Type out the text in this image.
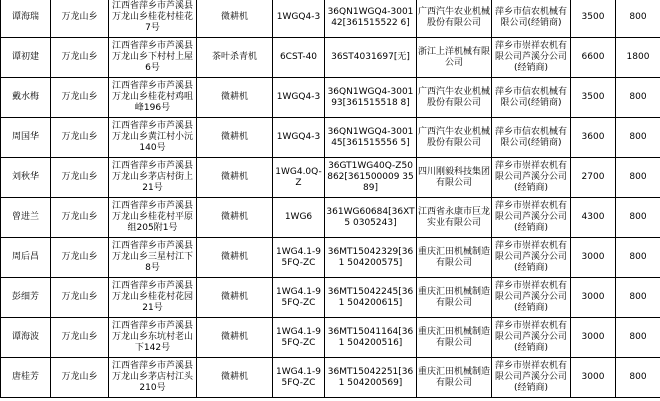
谭海瑞	万龙山乡	江西省萍乡市芦溪县万龙山乡桂花村桂花7号	微耕机	1WGQ4-3	36QN1WGQ4-300142[361515522 6]	广西汽牛农业机械股份有限公司	萍乡市信农机械有限公司(经销商)	3500	800
谭初建	万龙山乡	江西省萍乡市芦溪县万龙山乡下村村上屋6号	茶叶杀青机	6CST-40	36ST4031697[无]	浙江上洋机械有限公司	萍乡市崇祥农机有限公司芦溪分公司(经销商)	6600	1800
戴水梅	万龙山乡	江西省萍乡市芦溪县万龙山乡桂花村鸡咀峰196号	微耕机	1WGQ4-3	36QN1WGQ4-300193[361515518 8]	广西汽牛农业机械股份有限公司	萍乡市信农机械有限公司(经销商)	3500	800
周国华	万龙山乡	江西省萍乡市芦溪县万龙山乡黄江村小沅140号	微耕机	1WGQ4-3	36QN1WGQ4-300145[361515556 5]	广西汽牛农业机械股份有限公司	萍乡市信农机械有限公司(经销商)	3600	800
刘秋华	万龙山乡	江西省萍乡市芦溪县万龙山乡茅店村街上21号	微耕机	1WG4.0Q-Z	36GT1WG40Q-Z50862[361500009 3589]	四川刚毅科技集团有限公司	萍乡市崇祥农机有限公司芦溪分公司(经销商)	2700	800
曾进兰	万龙山乡	江西省萍乡市芦溪县万龙山乡桂花村平原组205附1号	微耕机	1WG6	361WG60684[36XT5 0305243]	江西省永康市巨龙实业有限公司	萍乡市崇祥农机有限公司芦溪分公司(经销商)	4300	800
周后昌	万龙山乡	江西省萍乡市芦溪县万龙山乡三星村江下8号	微耕机	1WG4.1-95FQ-ZC	36MT15042329[361 504200575]	重庆汇田机械制造有限公司	萍乡市崇祥农机有限公司芦溪分公司(经销商)	3000	800
彭细芳	万龙山乡	江西省萍乡市芦溪县万龙山乡桂花村花园21号	微耕机	1WG4.1-95FQ-ZC	36MT15042245[361 504200615]	重庆汇田机械制造有限公司	萍乡市崇祥农机有限公司芦溪分公司(经销商)	3000	800
谭海波	万龙山乡	江西省萍乡市芦溪县万龙山乡东坑村老山下142号	微耕机	1WG4.1-95FQ-ZC	36MT15041164[361 504200516]	重庆汇田机械制造有限公司	萍乡市崇祥农机有限公司芦溪分公司(经销商)	3000	800
唐桂芳	万龙山乡	江西省萍乡市芦溪县万龙山乡茅店村江头210号	微耕机	1WG4.1-95FQ-ZC	36MT15042251[361 504200569]	重庆汇田机械制造有限公司	萍乡市崇祥农机有限公司芦溪分公司(经销商)	3000	800
